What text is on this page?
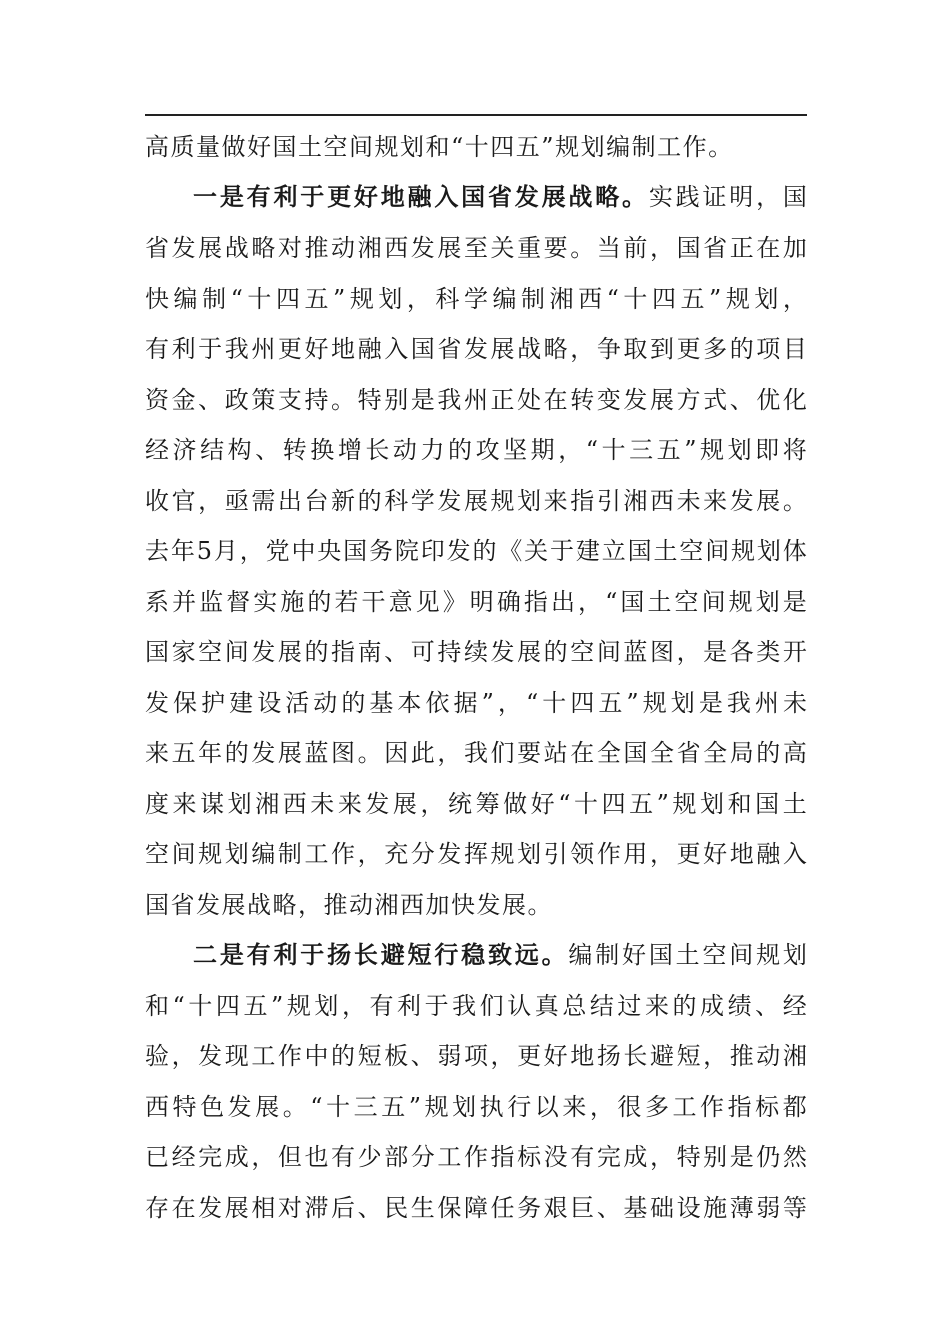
高 质 量 做 好 国 土 空 间 规 划 和 “ 十 四 五 ” 规 划 编 制 工 作 。
一 是 有 利 于 更 好 地 融 入 国 省 发 展 战 略 。 实 践 证 明 ， 国
省 发 展 战 略 对 推 动 湘 西 发 展 至 关 重 要 。 当 前 ， 国 省 正 在 加
快 编 制 “ 十 四 五 ” 规 划 ， 科 学 编 制 湘 西 “ 十 四 五 ” 规 划 ，
有 利 于 我 州 更 好 地 融 入 国 省 发 展 战 略 ， 争 取 到 更 多 的 项 目
资 金 、 政 策 支 持 。 特 别 是 我 州 正 处 在 转 变 发 展 方 式 、 优 化
经 济 结 构 、 转 换 增 长 动 力 的 攻 坚 期 ， “ 十 三 五 ” 规 划 即 将
收 官 ， 亟 需 出 台 新 的 科 学 发 展 规 划 来 指 引 湘 西 未 来 发 展 。
去 年 5 月 ， 党 中 央 国 务 院 印 发 的 《 关 于 建 立 国 土 空 间 规 划 体
系 并 监 督 实 施 的 若 干 意 见 》 明 确 指 出 ， “ 国 土 空 间 规 划 是
国 家 空 间 发 展 的 指 南 、 可 持 续 发 展 的 空 间 蓝 图 ， 是 各 类 开
发 保 护 建 设 活 动 的 基 本 依 据 ” ， “ 十 四 五 ” 规 划 是 我 州 未
来 五 年 的 发 展 蓝 图 。 因 此 ， 我 们 要 站 在 全 国 全 省 全 局 的 高
度 来 谋 划 湘 西 未 来 发 展 ， 统 筹 做 好 “ 十 四 五 ” 规 划 和 国 土
空 间 规 划 编 制 工 作 ， 充 分 发 挥 规 划 引 领 作 用 ， 更 好 地 融 入
国 省 发 展 战 略 ， 推 动 湘 西 加 快 发 展 。
二 是 有 利 于 扬 长 避 短 行 稳 致 远 。 编 制 好 国 土 空 间 规 划
和 “ 十 四 五 ” 规 划 ， 有 利 于 我 们 认 真 总 结 过 来 的 成 绩 、 经
验 ， 发 现 工 作 中 的 短 板 、 弱 项 ， 更 好 地 扬 长 避 短 ， 推 动 湘
西 特 色 发 展 。 “ 十 三 五 ” 规 划 执 行 以 来 ， 很 多 工 作 指 标 都
已 经 完 成 ， 但 也 有 少 部 分 工 作 指 标 没 有 完 成 ， 特 别 是 仍 然
存 在 发 展 相 对 滞 后 、 民 生 保 障 任 务 艰 巨 、 基 础 设 施 薄 弱 等
